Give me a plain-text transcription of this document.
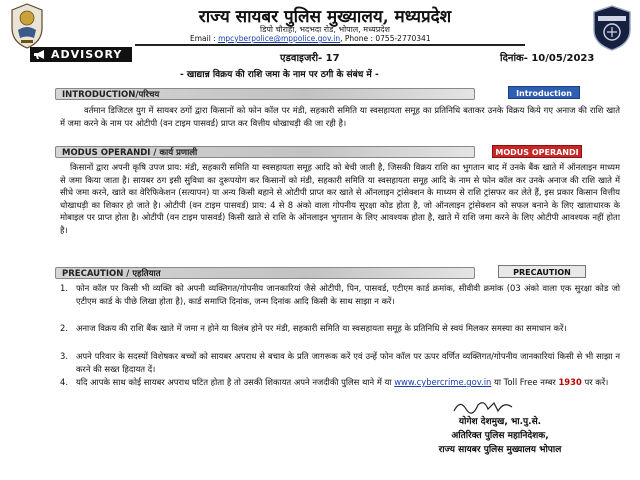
राज्य सायबर पुलिस मुख्यालय, मध्यप्रदेश
डिपो चौराहा, भदभदा रोड, भोपाल, मध्यप्रदेश
Email : mpcyberpolice@mppolice.gov.in, Phone : 0755-2770341
ADVISORY	एडवाइजरी- 17	दिनांक- 10/05/2023
- खाद्यान्न विक्रय की राशि जमा के नाम पर ठगी के संबंध में -
INTRODUCTION/परिचय	Introduction

वर्तमान डिजिटल युग में सायबर ठगों द्वारा किसानों को फोन कॉल पर मंडी, सहकारी समिति या स्वसहायता समूह का प्रतिनिधि बताकर उनके विक्रय किये गए अनाज की राशि खाते में जमा करने के नाम पर ओटीपी (वन टाइम पासवर्ड) प्राप्त कर वित्तीय धोखाधड़ी की जा रही है।

MODUS OPERANDI / कार्य प्रणाली	MODUS OPERANDI

किसानों द्वारा अपनी कृषि उपज प्राय: मंडी, सहकारी समिति या स्वसहायता समूह आदि को बेची जाती है, जिसकी विक्रय राशि का भुगतान बाद में उनके बैंक खाते में ऑनलाइन माध्यम से जमा किया जाता है। सायबर ठग इसी सुविधा का दुरूपयोग कर किसानों को मंडी, सहकारी समिति या स्वसहायता समूह आदि के नाम से फोन कॉल कर उनके अनाज की राशि खाते में सीधे जमा करने, खाते का वेरिफिकेशन (सत्यापन) या अन्य किसी बहाने से ओटीपी प्राप्त कर खाते से ऑनलाइन ट्रांसेक्शन के माध्यम से राशि ट्रांसफर कर लेते हैं, इस प्रकार किसान वित्तीय धोखाधड़ी का शिकार हो जाते है। ओटीपी (वन टाइम पासवर्ड) प्राय: 4 से 8 अंको वाला गोपनीय सुरक्षा कोड होता है, जो ऑनलाइन ट्रांसेक्शन को सफल बनाने के लिए खाताधारक के मोबाइल पर प्राप्त होता है। ओटीपी (वन टाइम पासवर्ड) किसी खाते से राशि के ऑनलाइन भुगतान के लिए आवश्यक होता है, खाते में राशि जमा करने के लिए ओटीपी आवश्यक नहीं होता है।

PRECAUTION / एहतियात	PRECAUTION
1. फोन कॉल पर किसी भी व्यक्ति को अपनी व्यक्तिगत/गोपनीय जानकारियां जैसे ओटीपी, पिन, पासवर्ड, एटीएम कार्ड क्रमांक, सीवीवी क्रमांक (03 अंको वाला एक सुरक्षा कोड जो एटीएम कार्ड के पीछे लिखा होता है), कार्ड समाप्ति दिनांक, जन्म दिनांक आदि किसी के साथ साझा न करें।
2. अनाज विक्रय की राशि बैंक खाते में जमा न होने या विलंब होने पर मंडी, सहकारी समिति या स्वसहायता समूह के प्रतिनिधि से स्वयं मिलकर समस्या का समाधान करें।
3. अपने परिवार के सदस्यों विशेषकर बच्चों को सायबर अपराध से बचाव के प्रति जागरूक करें एवं उन्हें फोन कॉल पर ऊपर वर्णित व्यक्तिगत/गोपनीय जानकारियां किसी से भी साझा न करने की सख्त हिदायत दें।
4. यदि आपके साथ कोई सायबर अपराध घटित होता है तो उसकी शिकायत अपने नजदीकी पुलिस थाने में या www.cybercrime.gov.in या Toll Free नम्बर 1930 पर करें।
योगेश देशमुख, भा.पु.से.
अतिरिक्त पुलिस महानिदेशक,
राज्य सायबर पुलिस मुख्यालय भोपाल
